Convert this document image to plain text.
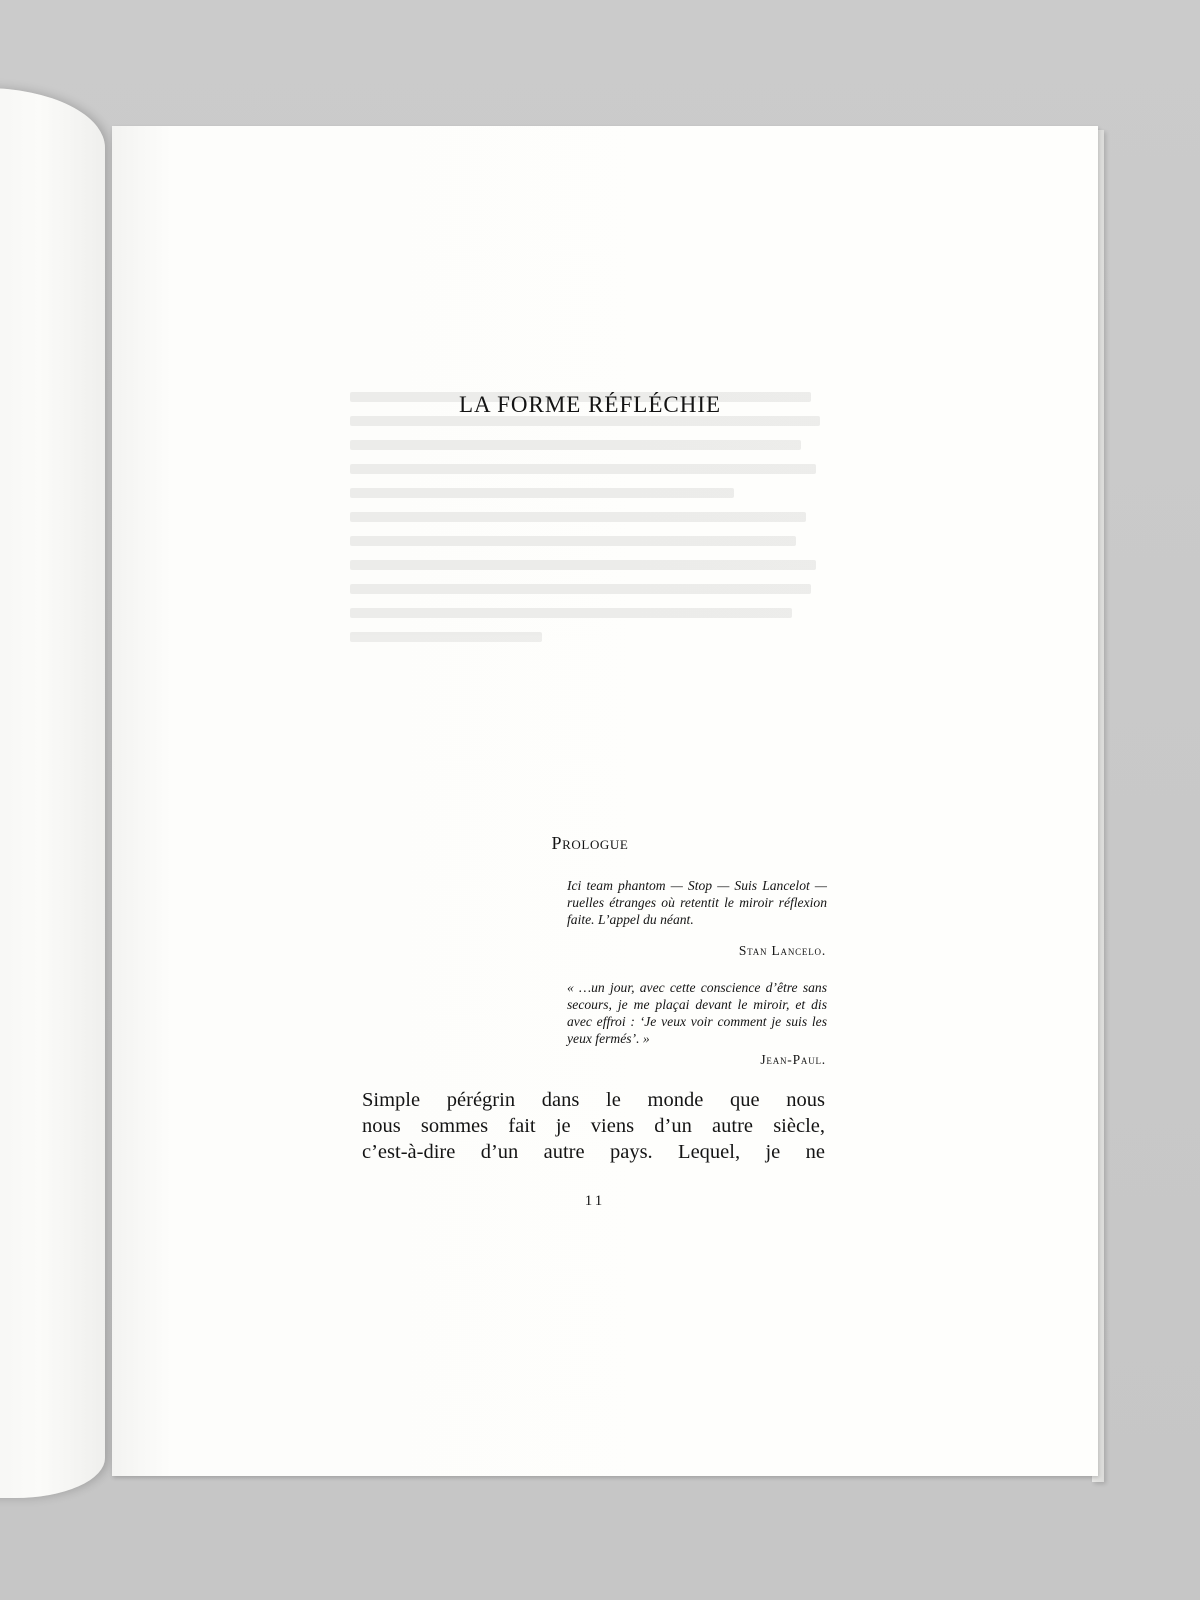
LA FORME RÉFLÉCHIE
Prologue

Ici team phantom — Stop — Suis Lancelot — ruelles étranges où retentit le miroir réflexion faite. L’appel du néant.

Stan Lancelo.

« …un jour, avec cette conscience d’être sans secours, je me plaçai devant le miroir, et dis avec effroi : ‘Je veux voir comment je suis les yeux fermés’. »

Jean-Paul.

Simple pérégrin dans le monde que nous
nous sommes fait je viens d’un autre siècle,
c’est-à-dire d’un autre pays. Lequel, je ne

11
